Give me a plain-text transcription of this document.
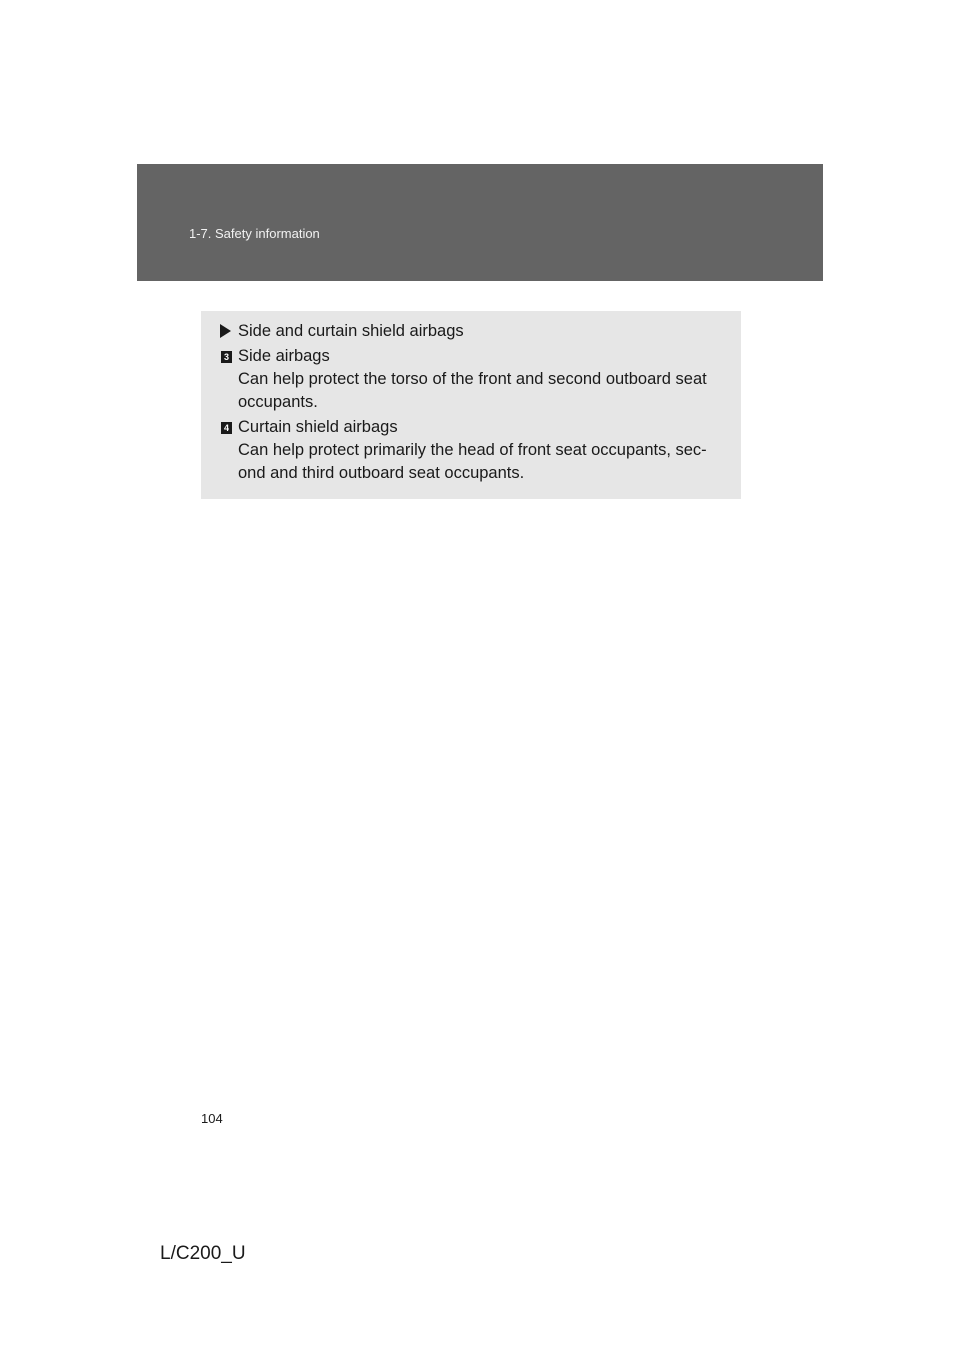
1-7. Safety information
Side and curtain shield airbags
3 Side airbags
Can help protect the torso of the front and second outboard seat
occupants.
4 Curtain shield airbags
Can help protect primarily the head of front seat occupants, sec-
ond and third outboard seat occupants.
104
L/C200_U
